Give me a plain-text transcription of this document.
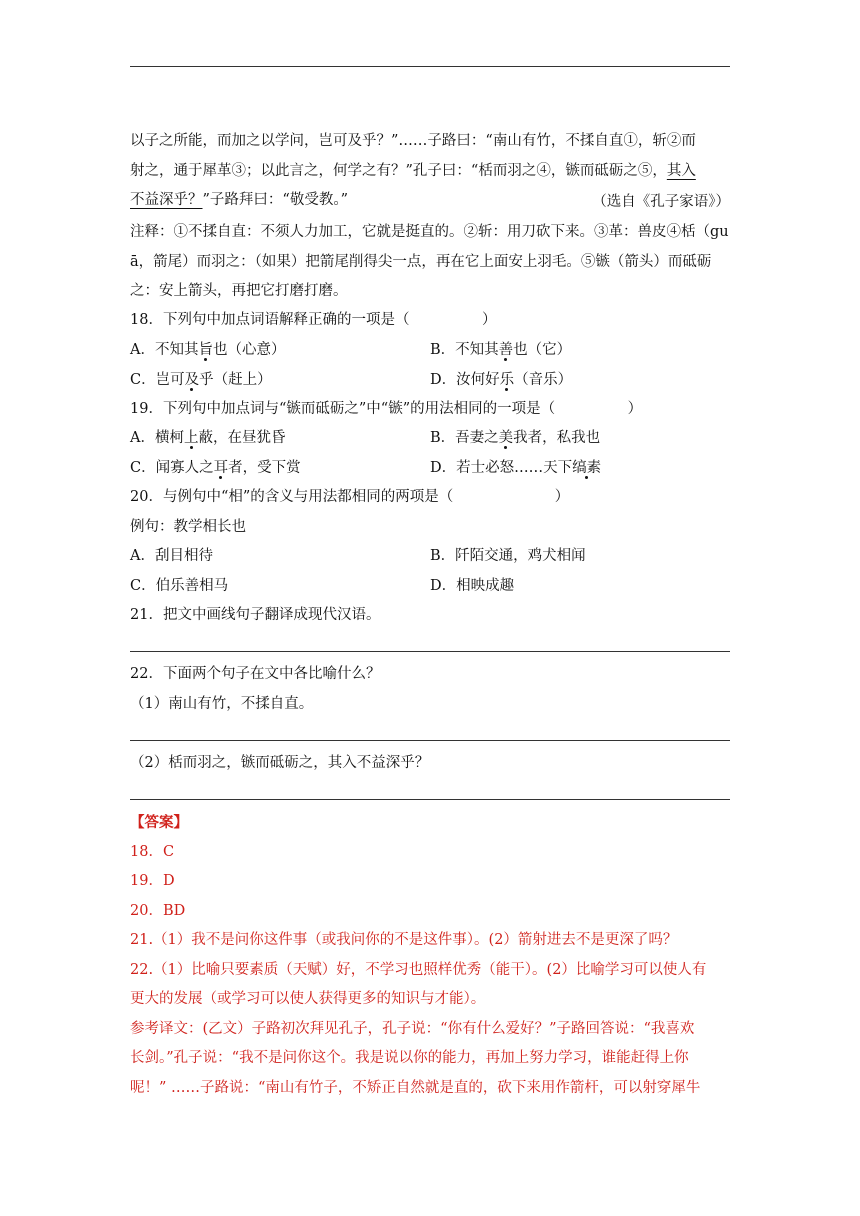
以子之所能，而加之以学问，岂可及乎？”……子路曰：“南山有竹，不揉自直①，斩②而
射之，通于犀革③；以此言之，何学之有？”孔子曰：“栝而羽之④，镞而砥砺之⑤，其入
不益深乎？”子路拜曰：“敬受教。”	（选自《孔子家语》）
注释：①不揉自直：不须人力加工，它就是挺直的。②斩：用刀砍下来。③革：兽皮④栝（gu
ā，箭尾）而羽之：（如果）把箭尾削得尖一点，再在它上面安上羽毛。⑤镞（箭头）而砥砺
之：安上箭头，再把它打磨打磨。
18．下列句中加点词语解释正确的一项是（　　　　　）
A．不知其旨也（心意）	B．不知其善也（它）
C．岂可及乎（赶上）	D．汝何好乐（音乐）
19．下列句中加点词与“镞而砥砺之”中“镞”的用法相同的一项是（　　　　　）
A．横柯上蔽，在昼犹昏	B．吾妻之美我者，私我也
C．闻寡人之耳者，受下赏	D．若士必怒……天下缟素
20．与例句中“相”的含义与用法都相同的两项是（　　　　　　　）
例句：教学相长也
A．刮目相待	B．阡陌交通，鸡犬相闻
C．伯乐善相马	D．相映成趣
21．把文中画线句子翻译成现代汉语。
22．下面两个句子在文中各比喻什么？
（1）南山有竹，不揉自直。
（2）栝而羽之，镞而砥砺之，其入不益深乎？
【答案】
18．C
19．D
20．BD
21.（1）我不是问你这件事（或我问你的不是这件事）。(2）箭射进去不是更深了吗？
22.（1）比喻只要素质（天赋）好，不学习也照样优秀（能干）。(2）比喻学习可以使人有
更大的发展（或学习可以使人获得更多的知识与才能）。
参考译文：(乙文）子路初次拜见孔子，孔子说：“你有什么爱好？”子路回答说：“我喜欢
长剑。”孔子说：“我不是问你这个。我是说以你的能力，再加上努力学习，谁能赶得上你
呢！” ……子路说：“南山有竹子，不矫正自然就是直的，砍下来用作箭杆，可以射穿犀牛
